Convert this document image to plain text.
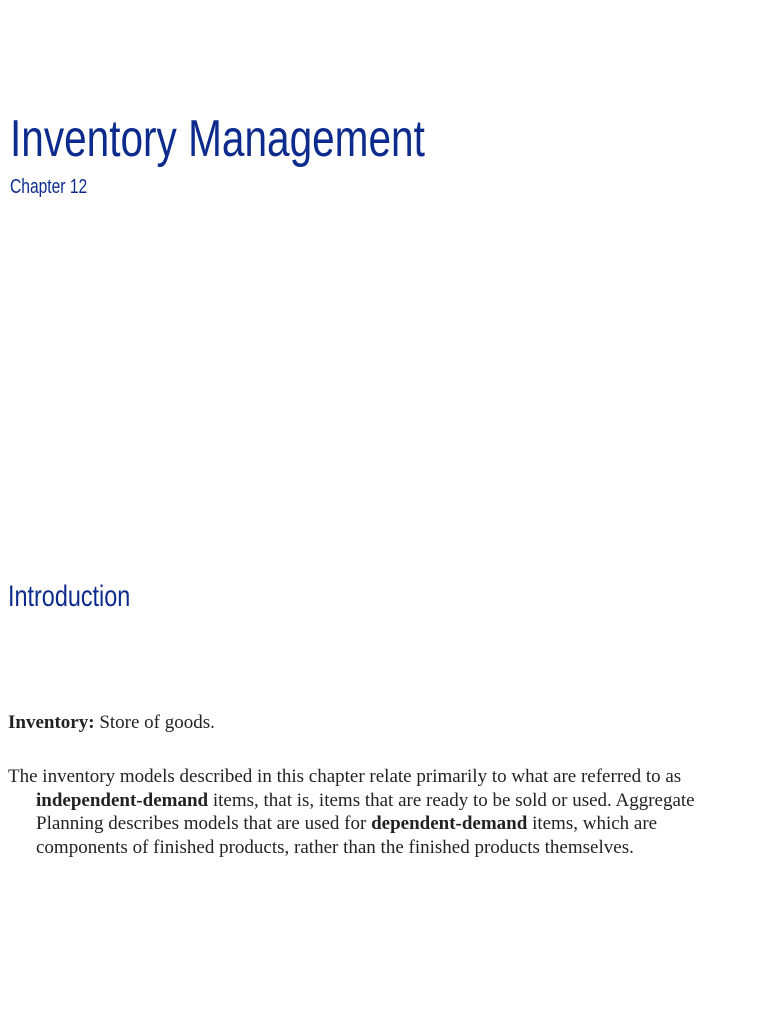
Inventory Management
Chapter 12
Introduction

Inventory: Store of goods.

The inventory models described in this chapter relate primarily to what are referred to as
independent-demand items, that is, items that are ready to be sold or used. Aggregate
Planning describes models that are used for dependent-demand items, which are
components of finished products, rather than the finished products themselves.
